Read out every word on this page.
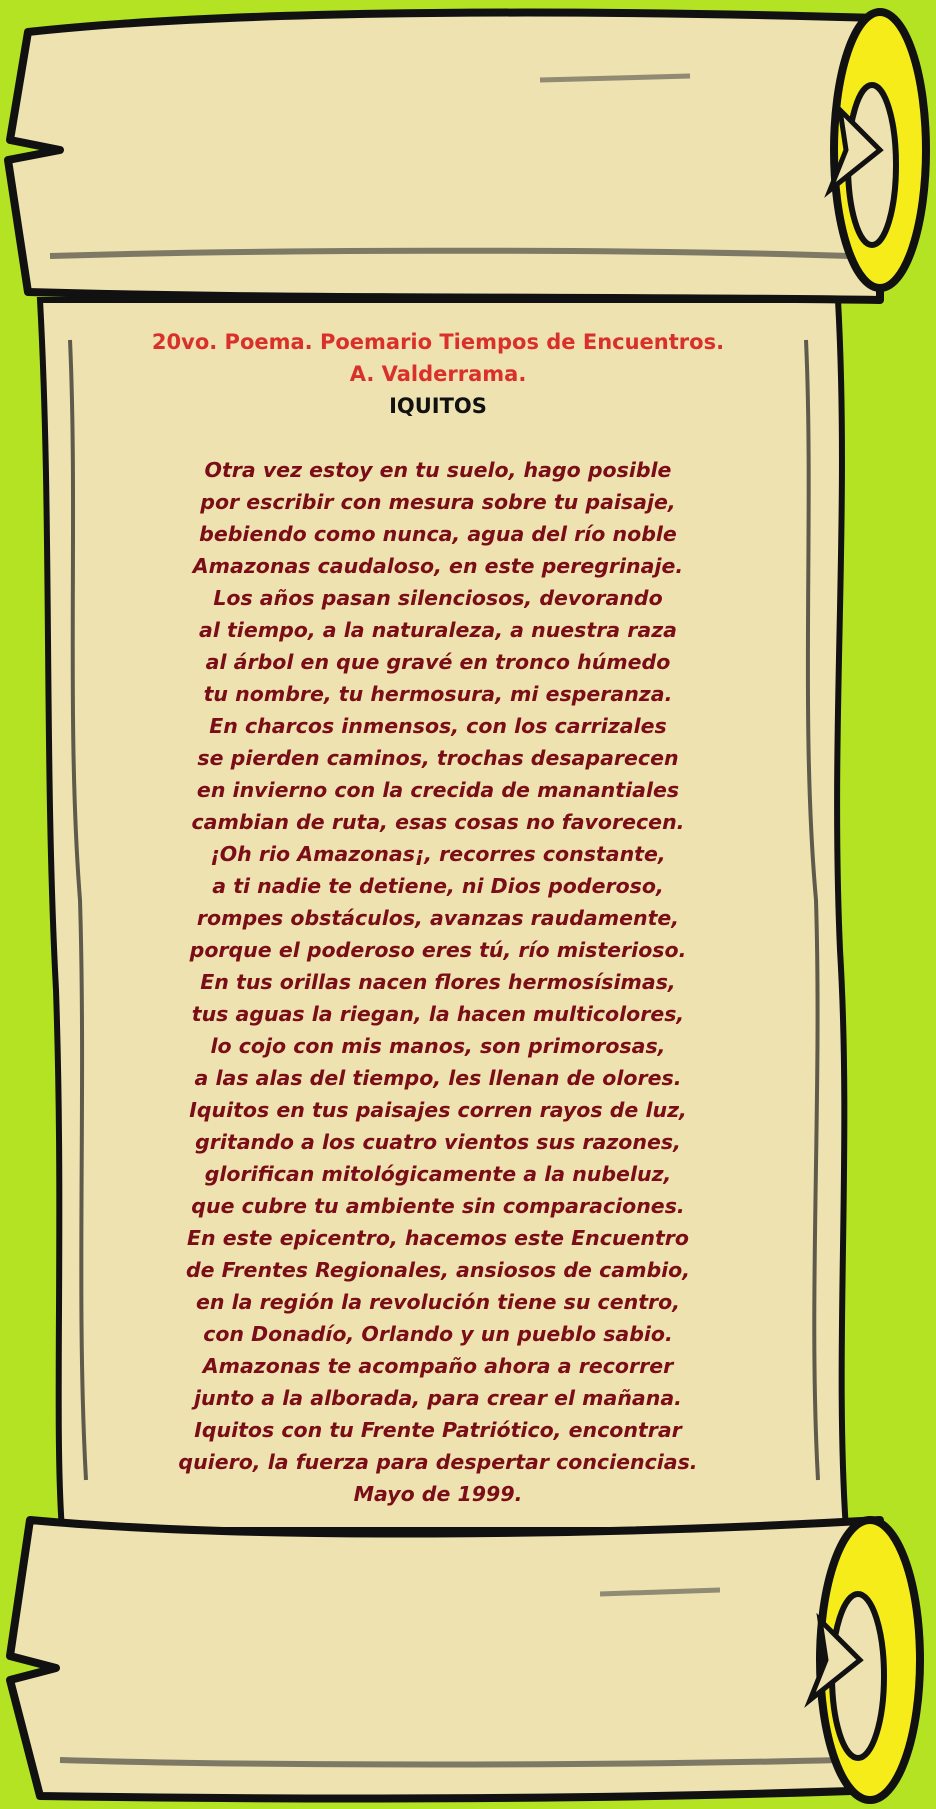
20vo. Poema. Poemario Tiempos de Encuentros. A. Valderrama.
IQUITOS
Otra vez estoy en tu suelo, hago posible
por escribir con mesura sobre tu paisaje,
bebiendo como nunca, agua del río noble
Amazonas caudaloso, en este peregrinaje.
Los años pasan silenciosos, devorando
al tiempo, a la naturaleza, a nuestra raza
al árbol en que gravé en tronco húmedo
tu nombre, tu hermosura, mi esperanza.
En charcos inmensos, con los carrizales
se pierden caminos, trochas desaparecen
en invierno con la crecida de manantiales
cambian de ruta, esas cosas no favorecen.
¡Oh rio Amazonas¡, recorres constante,
a ti nadie te detiene, ni Dios poderoso,
rompes obstáculos, avanzas raudamente,
porque el poderoso eres tú, río misterioso.
En tus orillas nacen flores hermosísimas,
tus aguas la riegan, la hacen multicolores,
lo cojo con mis manos, son primorosas,
a las alas del tiempo, les llenan de olores.
Iquitos en tus paisajes corren rayos de luz,
gritando a los cuatro vientos sus razones,
glorifican mitológicamente a la nubeluz,
que cubre tu ambiente sin comparaciones.
En este epicentro, hacemos este Encuentro
de Frentes Regionales, ansiosos de cambio,
en la región la revolución tiene su centro,
con Donadío, Orlando y un pueblo sabio.
Amazonas te acompaño ahora a recorrer
junto a la alborada, para crear el mañana.
Iquitos con tu Frente Patriótico, encontrar
quiero, la fuerza para despertar conciencias.
Mayo de 1999.
